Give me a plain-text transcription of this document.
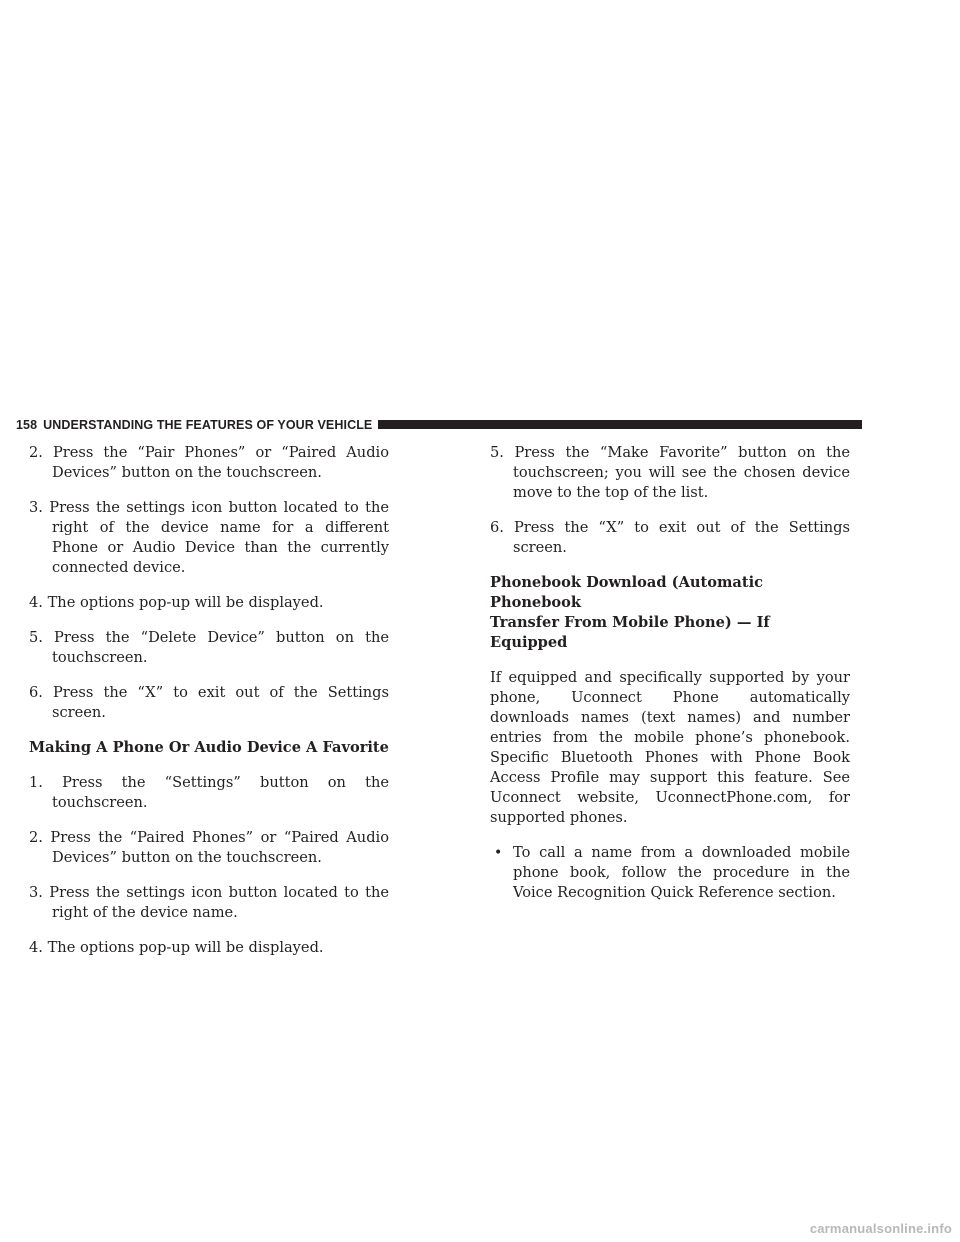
158 UNDERSTANDING THE FEATURES OF YOUR VEHICLE

2. Press the “Pair Phones” or “Paired Audio Devices” button on the touchscreen.

3. Press the settings icon button located to the right of the device name for a different Phone or Audio Device than the currently connected device.

4. The options pop-up will be displayed.

5. Press the “Delete Device” button on the touchscreen.

6. Press the “X” to exit out of the Settings screen.

Making A Phone Or Audio Device A Favorite

1. Press the “Settings” button on the touchscreen.

2. Press the “Paired Phones” or “Paired Audio Devices” button on the touchscreen.

3. Press the settings icon button located to the right of the device name.

4. The options pop-up will be displayed.

5. Press the “Make Favorite” button on the touchscreen; you will see the chosen device move to the top of the list.

6. Press the “X” to exit out of the Settings screen.

Phonebook Download (Automatic Phonebook
Transfer From Mobile Phone) — If Equipped

If equipped and specifically supported by your phone, Uconnect Phone automatically downloads names (text names) and number entries from the mobile phone’s phonebook. Specific Bluetooth Phones with Phone Book Access Profile may support this feature. See Uconnect website, UconnectPhone.com, for supported phones.

• To call a name from a downloaded mobile phone book, follow the procedure in the Voice Recognition Quick Reference section.
carmanualsonline.info
